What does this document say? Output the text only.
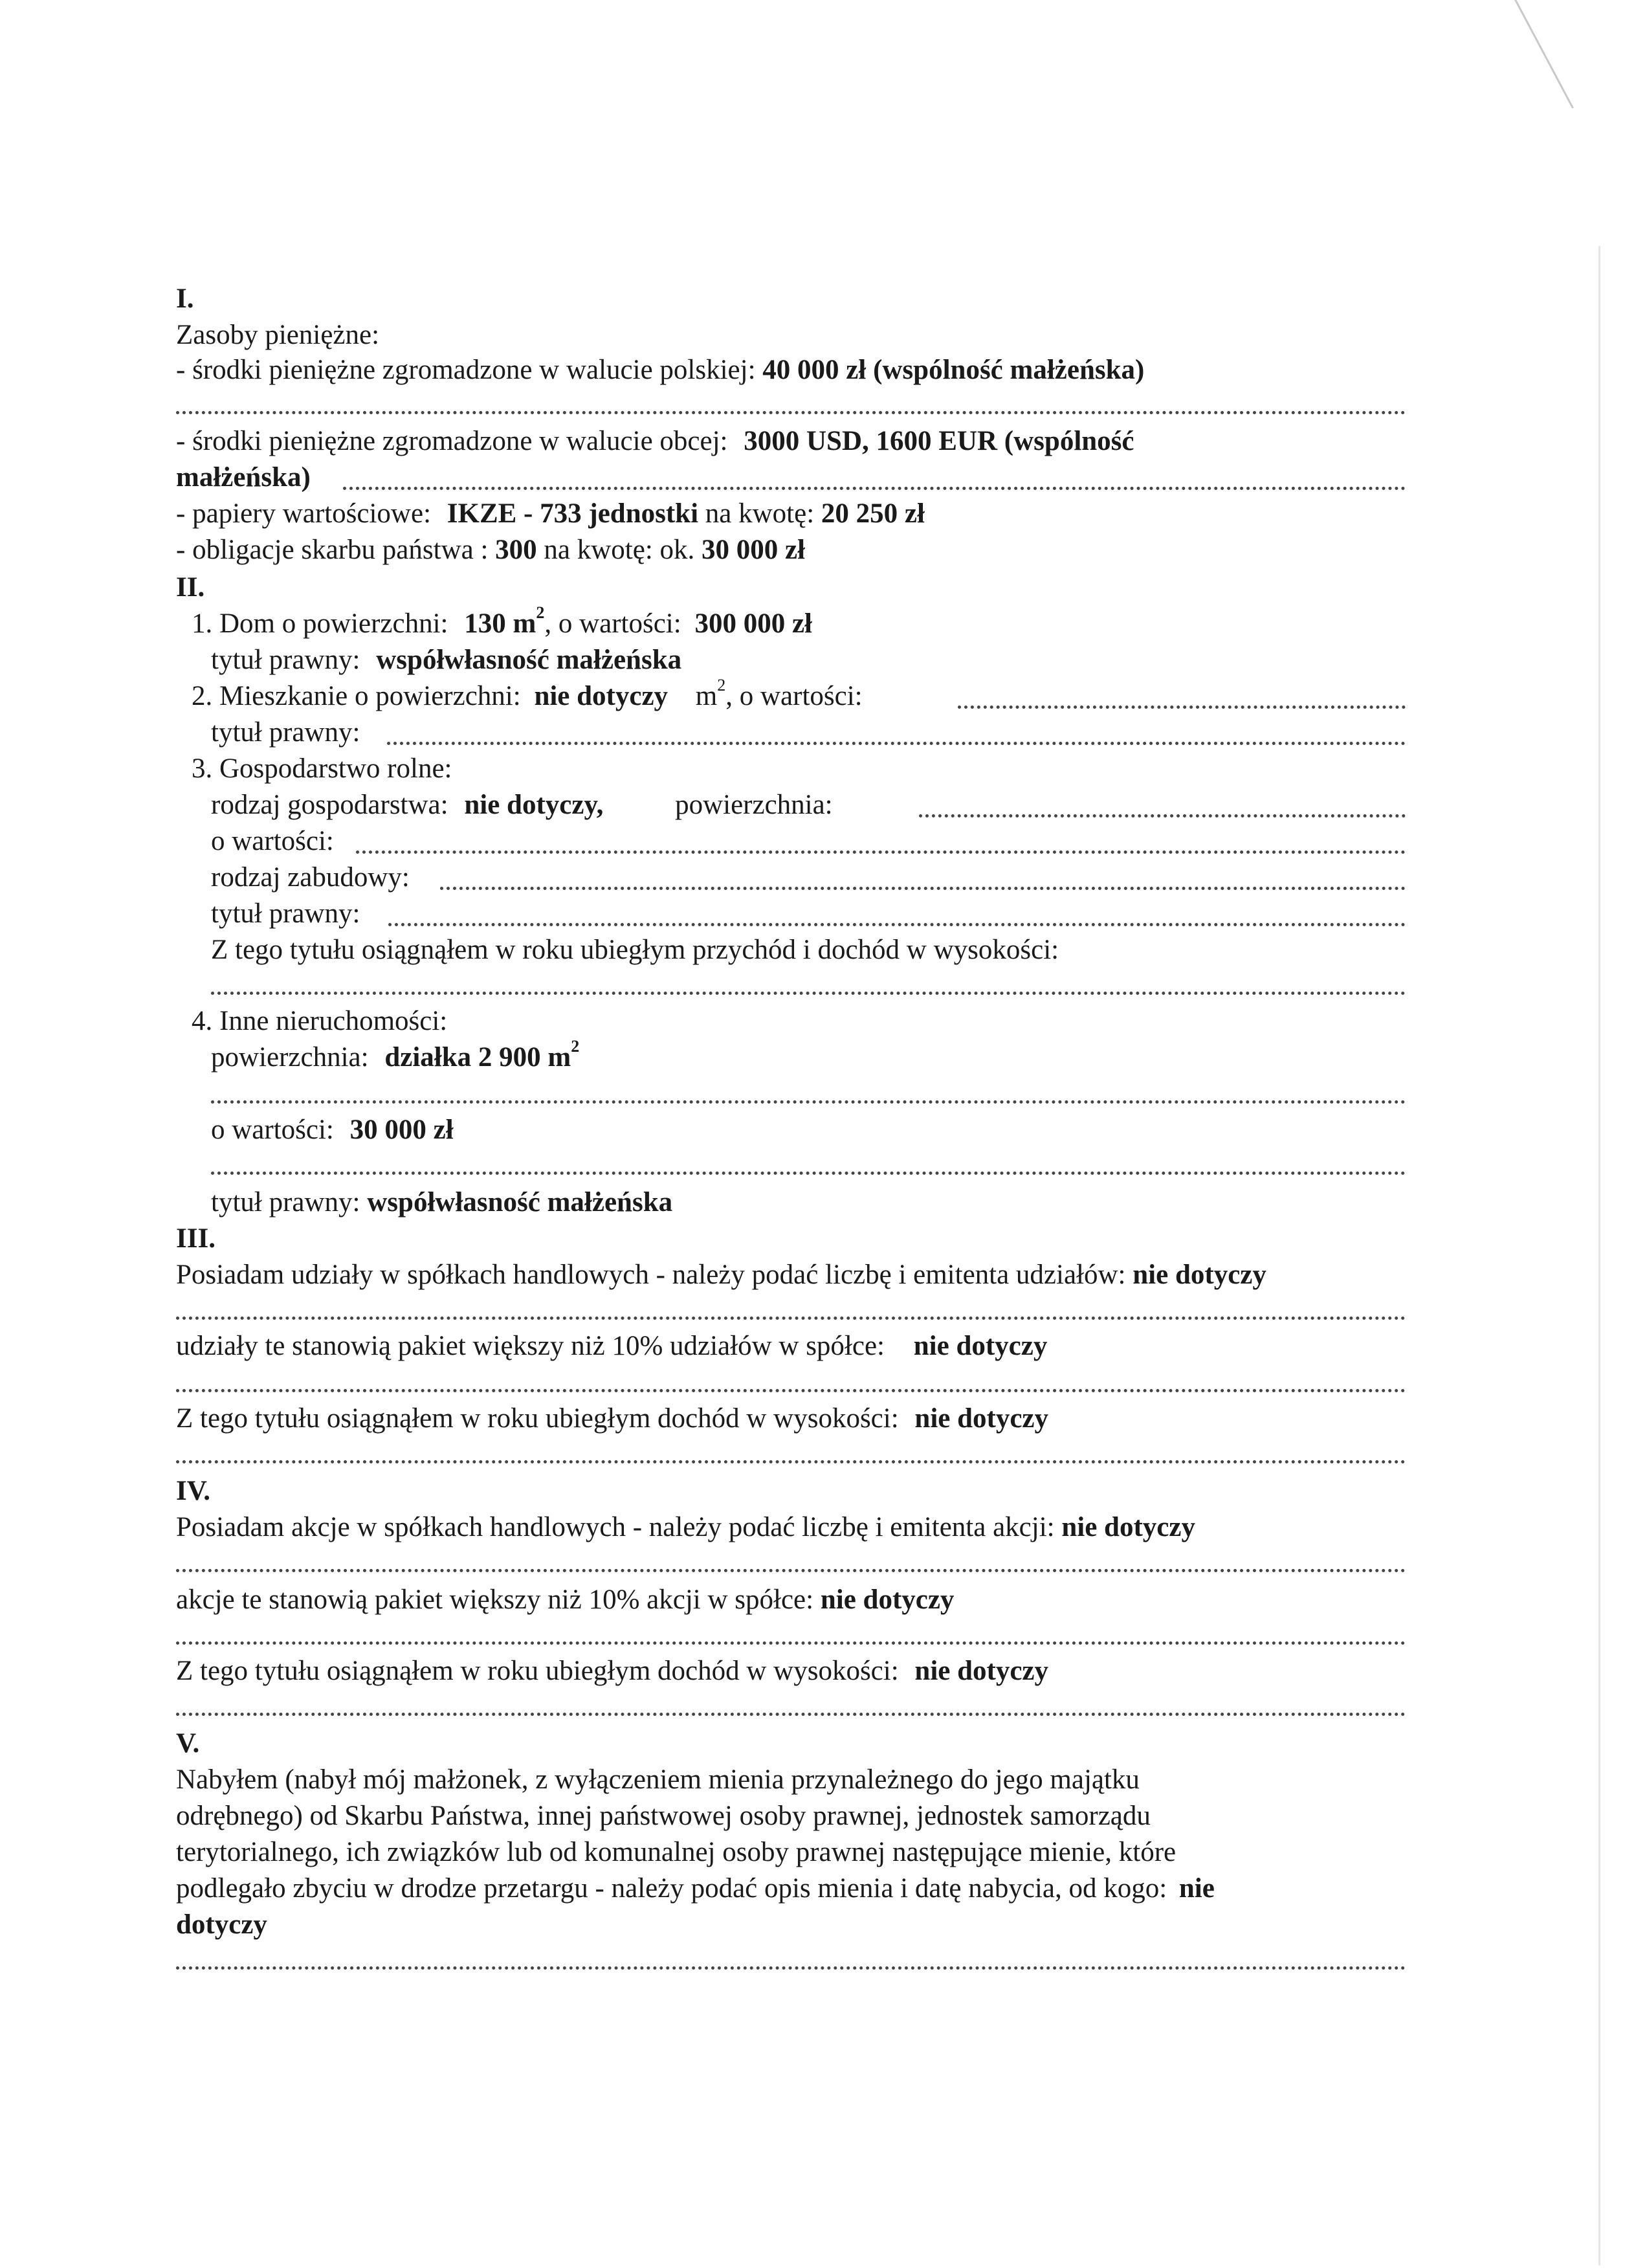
I.
Zasoby pieniężne:
- środki pieniężne zgromadzone w walucie polskiej: 40 000 zł (wspólność małżeńska)
- środki pieniężne zgromadzone w walucie obcej: 3000 USD, 1600 EUR (wspólność
małżeńska)
- papiery wartościowe: IKZE - 733 jednostki na kwotę: 20 250 zł
- obligacje skarbu państwa : 300 na kwotę: ok. 30 000 zł
II.
1. Dom o powierzchni: 130 $m^2$, o wartości: 300 000 zł
tytuł prawny: współwłasność małżeńska
2. Mieszkanie o powierzchni: nie dotyczy $m^2$, o wartości:
tytuł prawny:
3. Gospodarstwo rolne:
rodzaj gospodarstwa: nie dotyczy,	powierzchnia:
o wartości:
rodzaj zabudowy:
tytuł prawny:
Z tego tytułu osiągnąłem w roku ubiegłym przychód i dochód w wysokości:
4. Inne nieruchomości:
powierzchnia: działka 2 900 $m^2$
o wartości: 30 000 zł
tytuł prawny: współwłasność małżeńska
III.
Posiadam udziały w spółkach handlowych - należy podać liczbę i emitenta udziałów: nie dotyczy
udziały te stanowią pakiet większy niż 10% udziałów w spółce: nie dotyczy
Z tego tytułu osiągnąłem w roku ubiegłym dochód w wysokości: nie dotyczy
IV.
Posiadam akcje w spółkach handlowych - należy podać liczbę i emitenta akcji: nie dotyczy
akcje te stanowią pakiet większy niż 10% akcji w spółce: nie dotyczy
Z tego tytułu osiągnąłem w roku ubiegłym dochód w wysokości: nie dotyczy
V.
Nabyłem (nabył mój małżonek, z wyłączeniem mienia przynależnego do jego majątku
odrębnego) od Skarbu Państwa, innej państwowej osoby prawnej, jednostek samorządu
terytorialnego, ich związków lub od komunalnej osoby prawnej następujące mienie, które
podlegało zbyciu w drodze przetargu - należy podać opis mienia i datę nabycia, od kogo: nie
dotyczy
